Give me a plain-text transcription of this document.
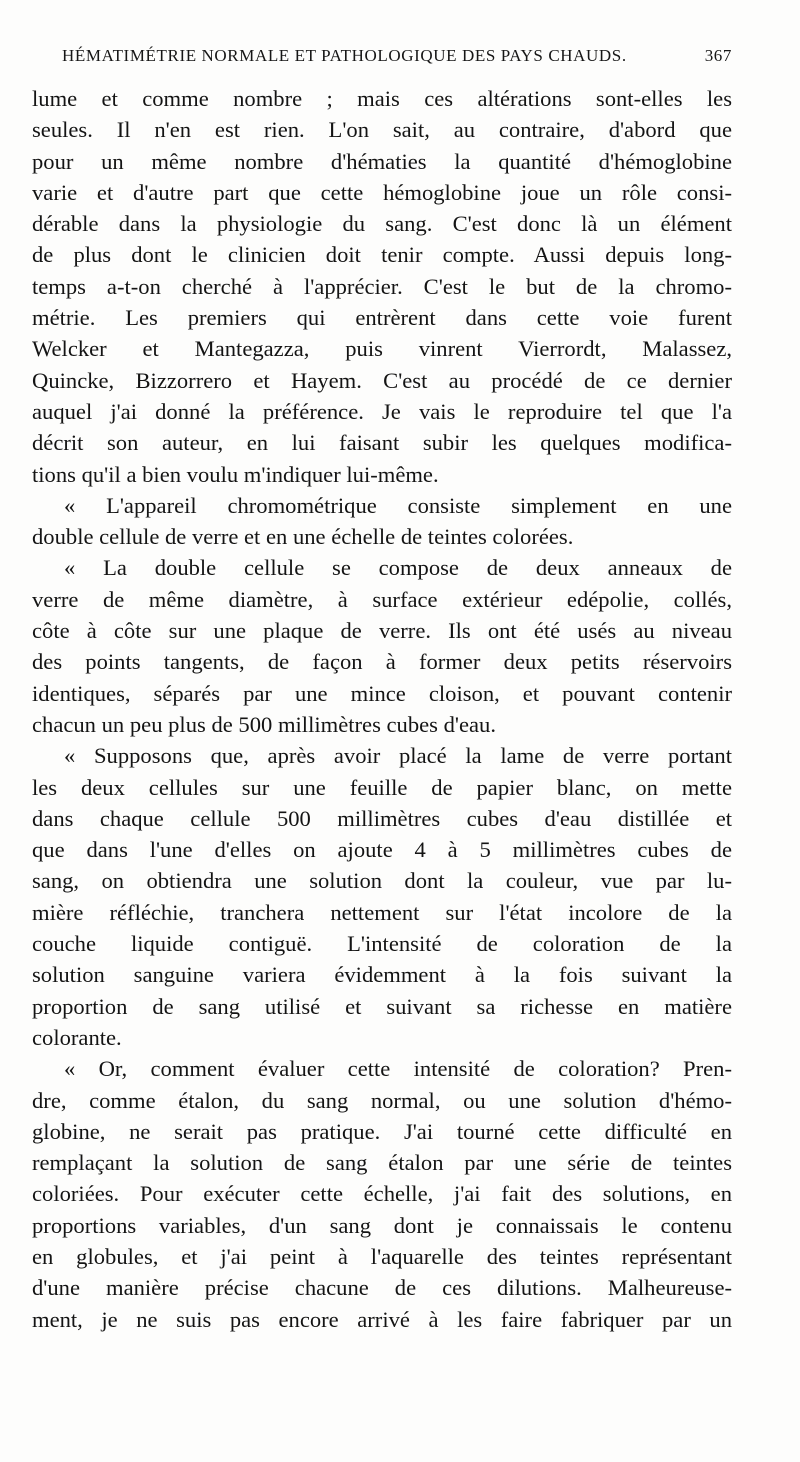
HÉMATIMÉTRIE NORMALE ET PATHOLOGIQUE DES PAYS CHAUDS.	367
lume et comme nombre ; mais ces altérations sont-elles les
seules. Il n'en est rien. L'on sait, au contraire, d'abord que
pour un même nombre d'hématies la quantité d'hémoglobine
varie et d'autre part que cette hémoglobine joue un rôle consi-
dérable dans la physiologie du sang. C'est donc là un élément
de plus dont le clinicien doit tenir compte. Aussi depuis long-
temps a-t-on cherché à l'apprécier. C'est le but de la chromo-
métrie. Les premiers qui entrèrent dans cette voie furent
Welcker et Mantegazza, puis vinrent Vierrordt, Malassez,
Quincke, Bizzorrero et Hayem. C'est au procédé de ce dernier
auquel j'ai donné la préférence. Je vais le reproduire tel que l'a
décrit son auteur, en lui faisant subir les quelques modifica-
tions qu'il a bien voulu m'indiquer lui-même.
« L'appareil chromométrique consiste simplement en une
double cellule de verre et en une échelle de teintes colorées.
« La double cellule se compose de deux anneaux de
verre de même diamètre, à surface extérieur edépolie, collés,
côte à côte sur une plaque de verre. Ils ont été usés au niveau
des points tangents, de façon à former deux petits réservoirs
identiques, séparés par une mince cloison, et pouvant contenir
chacun un peu plus de 500 millimètres cubes d'eau.
« Supposons que, après avoir placé la lame de verre portant
les deux cellules sur une feuille de papier blanc, on mette
dans chaque cellule 500 millimètres cubes d'eau distillée et
que dans l'une d'elles on ajoute 4 à 5 millimètres cubes de
sang, on obtiendra une solution dont la couleur, vue par lu-
mière réfléchie, tranchera nettement sur l'état incolore de la
couche liquide contiguë. L'intensité de coloration de la
solution sanguine variera évidemment à la fois suivant la
proportion de sang utilisé et suivant sa richesse en matière
colorante.
« Or, comment évaluer cette intensité de coloration? Pren-
dre, comme étalon, du sang normal, ou une solution d'hémo-
globine, ne serait pas pratique. J'ai tourné cette difficulté en
remplaçant la solution de sang étalon par une série de teintes
coloriées. Pour exécuter cette échelle, j'ai fait des solutions, en
proportions variables, d'un sang dont je connaissais le contenu
en globules, et j'ai peint à l'aquarelle des teintes représentant
d'une manière précise chacune de ces dilutions. Malheureuse-
ment, je ne suis pas encore arrivé à les faire fabriquer par un
